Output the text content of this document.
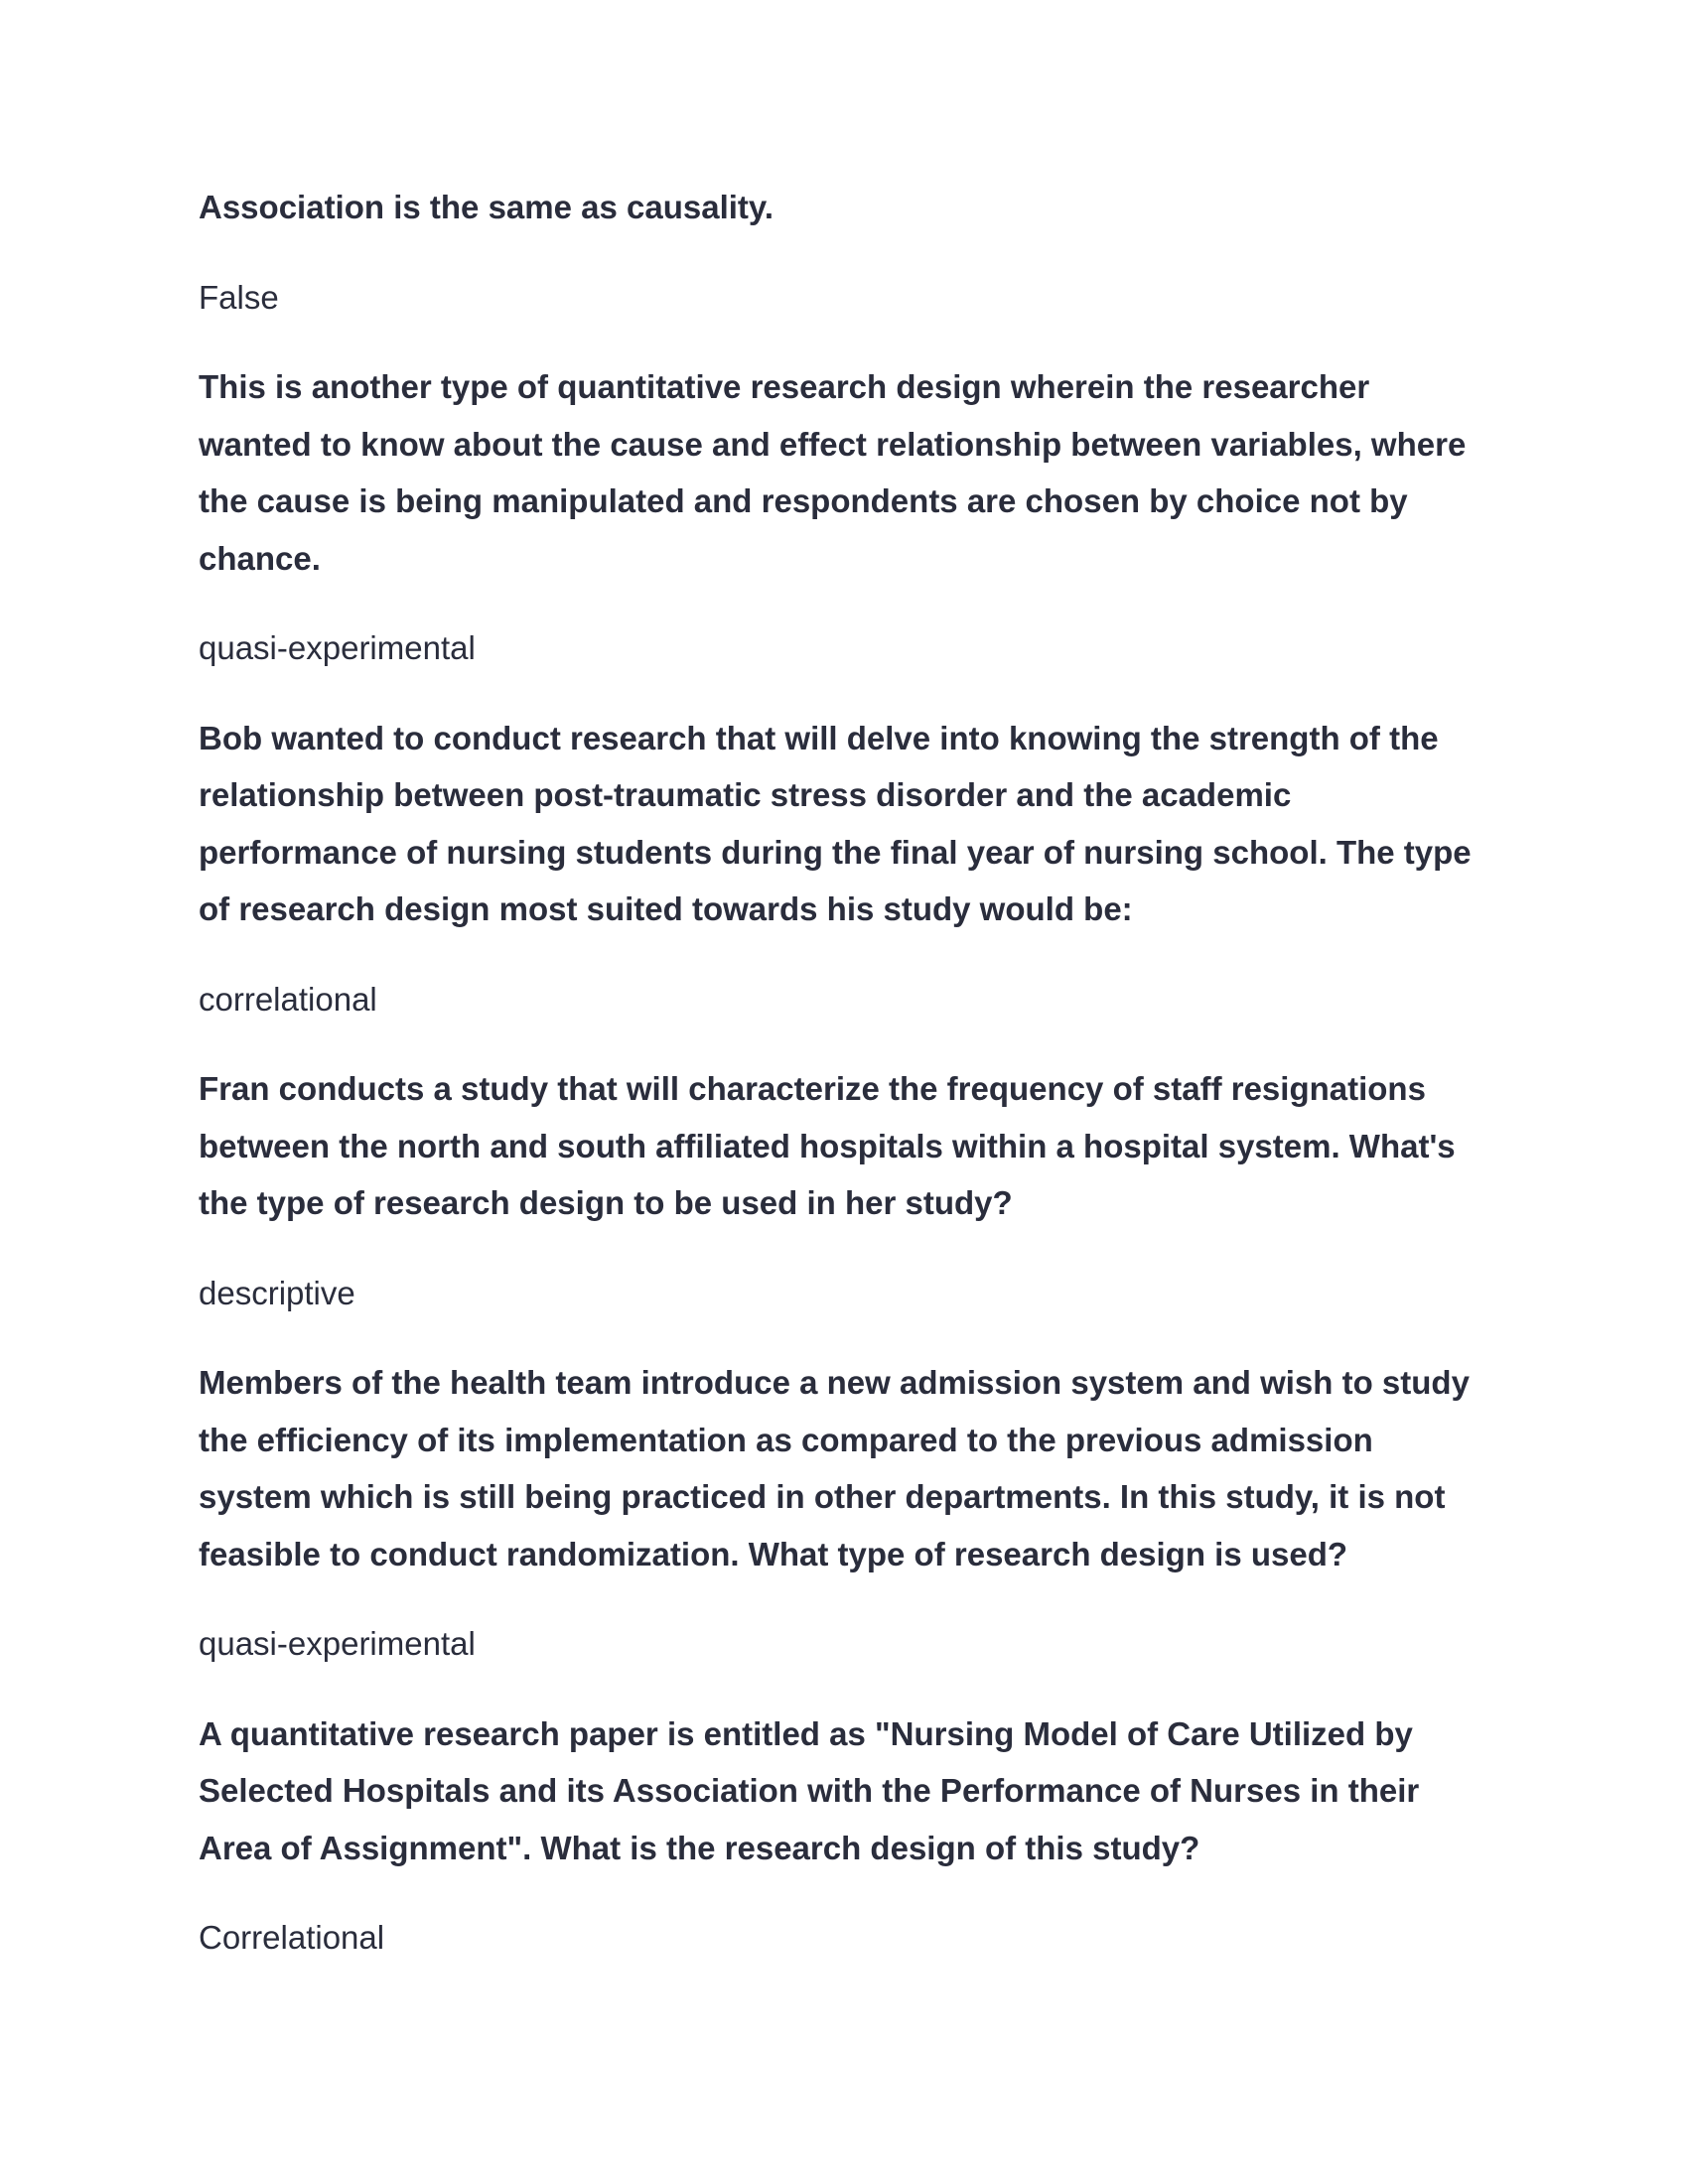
Association is the same as causality.

False

This is another type of quantitative research design wherein the researcher wanted to know about the cause and effect relationship between variables, where the cause is being manipulated and respondents are chosen by choice not by chance.

quasi-experimental

Bob wanted to conduct research that will delve into knowing the strength of the relationship between post-traumatic stress disorder and the academic performance of nursing students during the final year of nursing school. The type of research design most suited towards his study would be:

correlational

Fran conducts a study that will characterize the frequency of staff resignations between the north and south affiliated hospitals within a hospital system. What's the type of research design to be used in her study?

descriptive

Members of the health team introduce a new admission system and wish to study the efficiency of its implementation as compared to the previous admission system which is still being practiced in other departments. In this study, it is not feasible to conduct randomization. What type of research design is used?

quasi-experimental

A quantitative research paper is entitled as "Nursing Model of Care Utilized by Selected Hospitals and its Association with the Performance of Nurses in their Area of Assignment". What is the research design of this study?

Correlational
